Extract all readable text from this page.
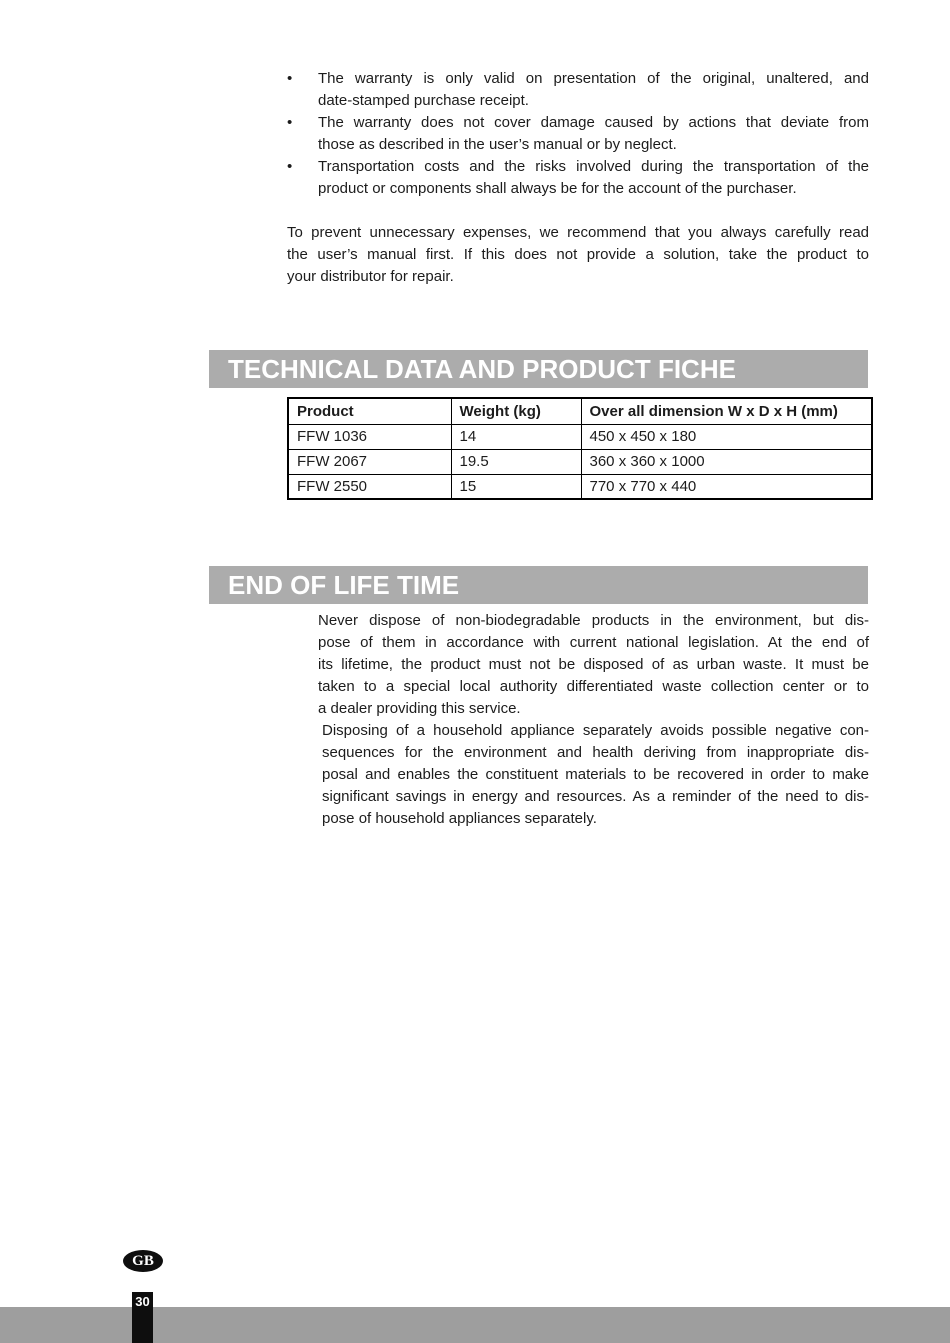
•	The warranty is only valid on presentation of the original, unaltered, and
date-stamped purchase receipt.
•	The warranty does not cover damage caused by actions that deviate from
those as described in the user’s manual or by neglect.
•	Transportation costs and the risks involved during the transportation of the
product or components shall always be for the account of the purchaser.
To prevent unnecessary expenses, we recommend that you always carefully read
the user’s manual first. If this does not provide a solution, take the product to
your distributor for repair.
TECHNICAL DATA AND PRODUCT FICHE
Product	Weight (kg)	Over all dimension W x D x H (mm)
FFW 1036	14	450 x 450 x 180
FFW 2067	19.5	360 x 360 x 1000
FFW 2550	15	770 x 770 x 440
END OF LIFE TIME
Never dispose of non-biodegradable products in the environment, but dis-
pose of them in accordance with current national legislation. At the end of
its lifetime, the product must not be disposed of as urban waste. It must be
taken to a special local authority differentiated waste collection center or to
a dealer providing this service.
Disposing of a household appliance separately avoids possible negative con-
sequences for the environment and health deriving from inappropriate dis-
posal and enables the constituent materials to be recovered in order to make
significant savings in energy and resources. As a reminder of the need to dis-
pose of household appliances separately.
GB
30
